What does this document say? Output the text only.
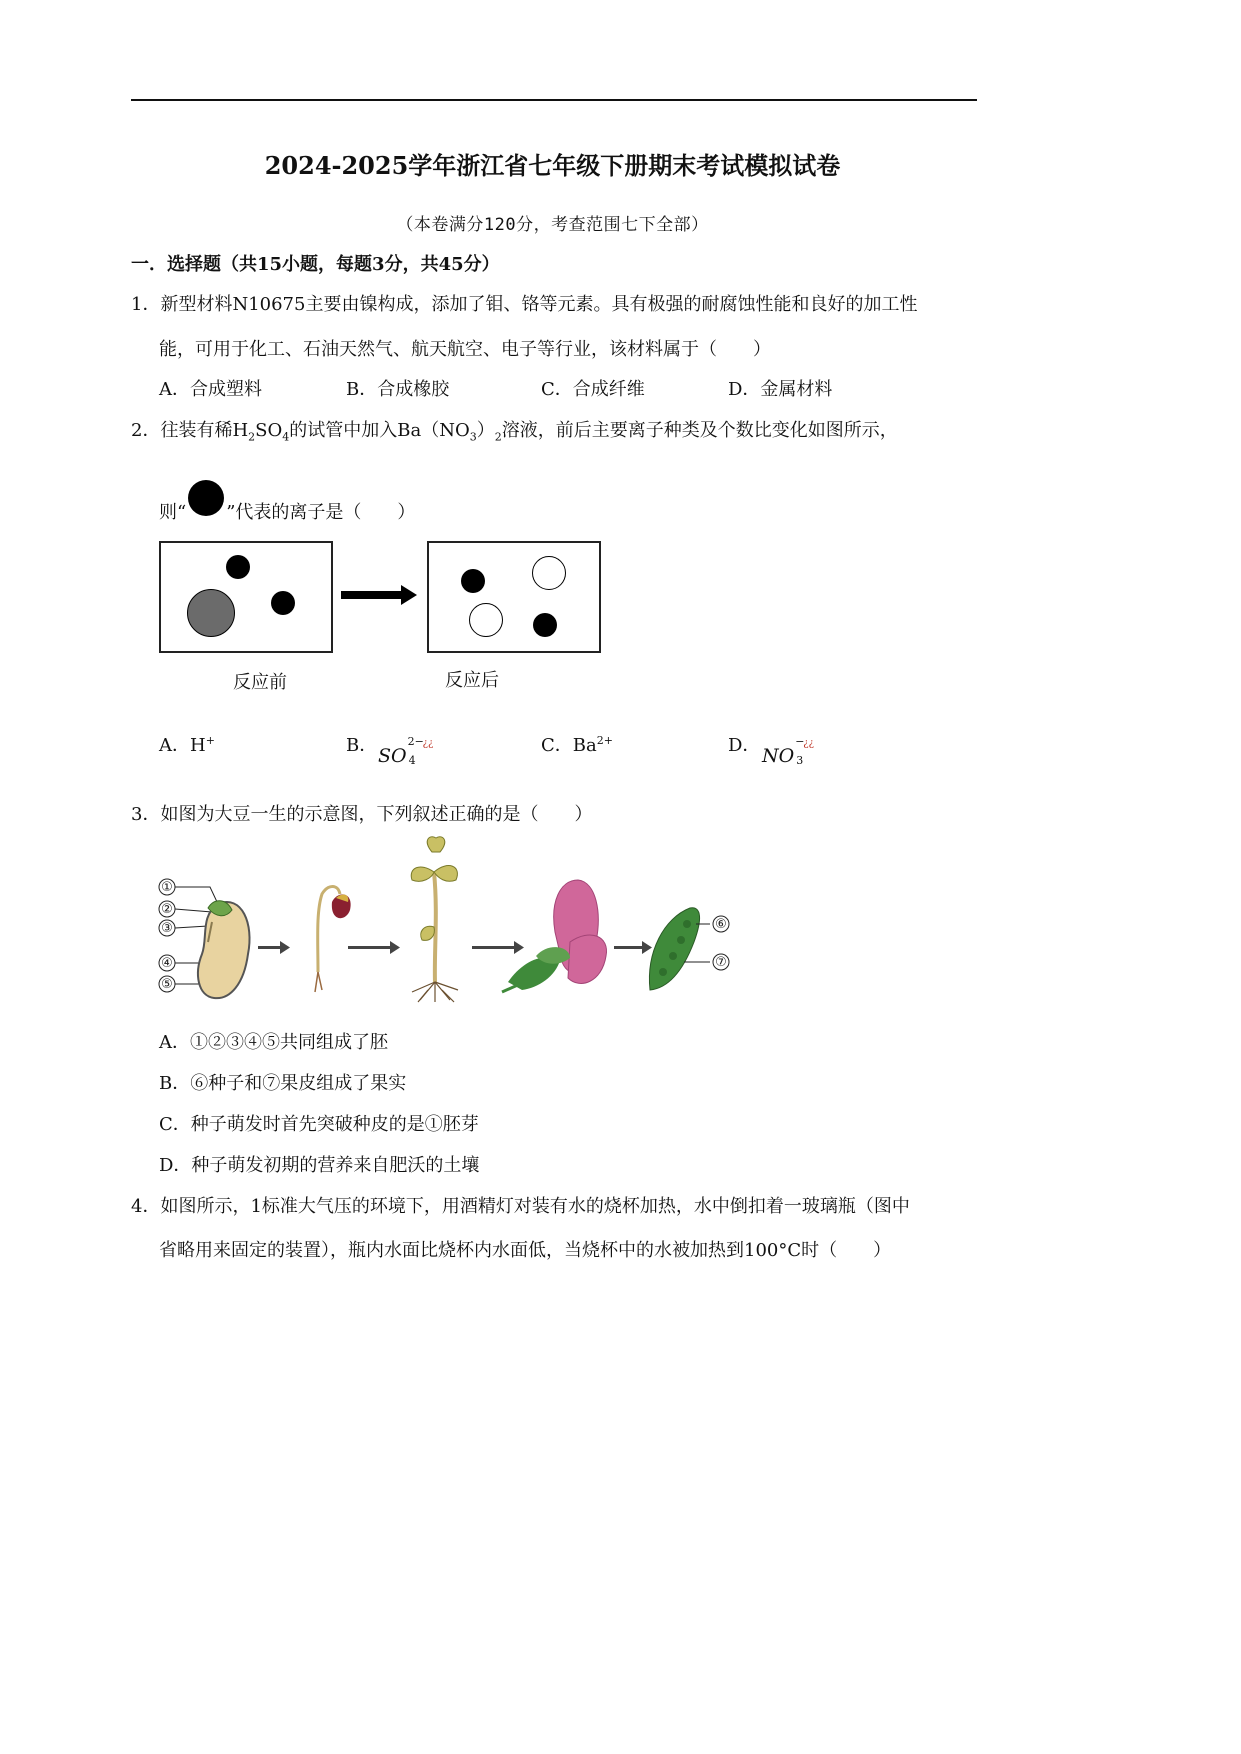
2024-2025学年浙江省七年级下册期末考试模拟试卷
（本卷满分120分，考查范围七下全部）
一．选择题（共15小题，每题3分，共45分）
1．新型材料N10675主要由镍构成，添加了钼、铬等元素。具有极强的耐腐蚀性能和良好的加工性
能，可用于化工、石油天然气、航天航空、电子等行业，该材料属于（　　）
A．合成塑料	B．合成橡胶	C．合成纤维	D．金属材料
2．往装有稀$H_2SO_4$的试管中加入$Ba(NO_3)_2$溶液，前后主要离子种类及个数比变化如图所示，
则“ ”代表的离子是（　　）
反应前	反应后
A．H+	B． SO
2−
¿¿
4
C．$Ba^{2+}$	D． NO
−
¿¿
3
3．如图为大豆一生的示意图，下列叙述正确的是（　　）
①
②
③
④
⑤
⑥
⑦
A．①②③④⑤共同组成了胚
B．⑥种子和⑦果皮组成了果实
C．种子萌发时首先突破种皮的是①胚芽
D．种子萌发初期的营养来自肥沃的土壤
4．如图所示，1标准大气压的环境下，用酒精灯对装有水的烧杯加热，水中倒扣着一玻璃瓶（图中
省略用来固定的装置），瓶内水面比烧杯内水面低，当烧杯中的水被加热到100°C时（　　）
